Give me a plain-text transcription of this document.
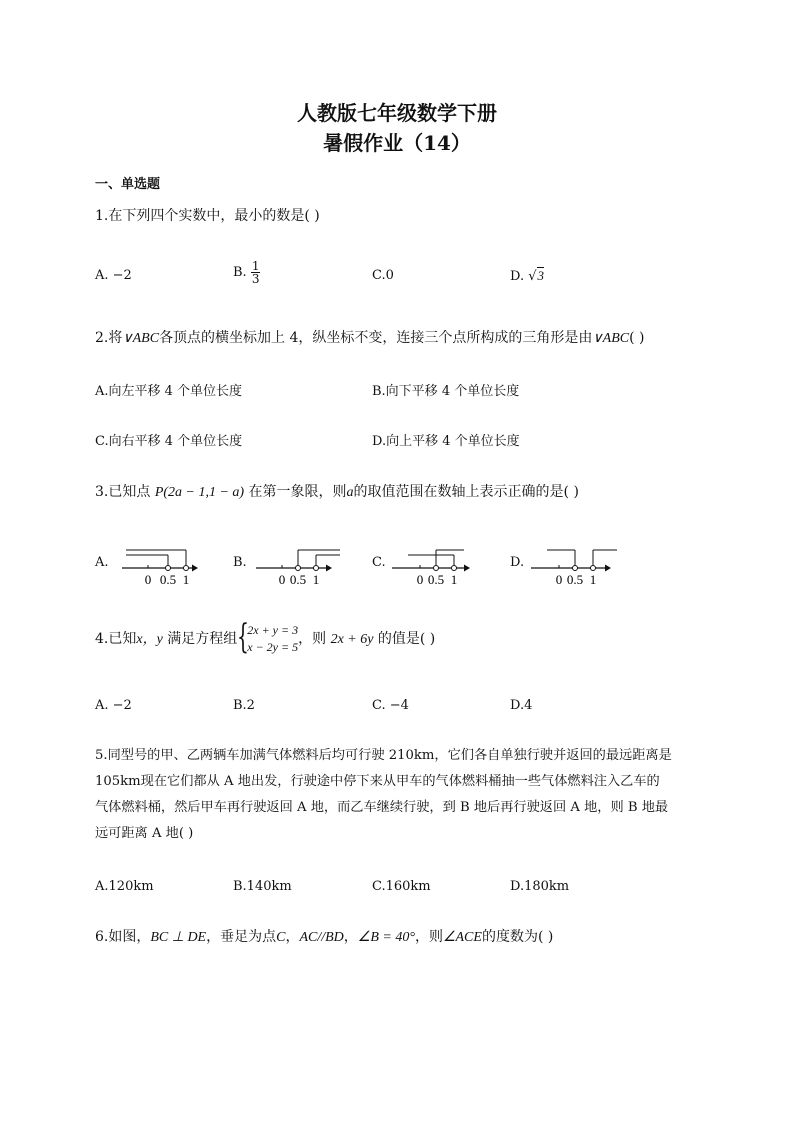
人教版七年级数学下册
暑假作业（14）
一、单选题
1.在下列四个实数中，最小的数是( )
A. −2	B. $\frac{1}{3}$	C.0	D. √3
2.将∨ABC各顶点的横坐标加上 4，纵坐标不变，连接三个点所构成的三角形是由∨ABC( )
A.向左平移 4 个单位长度	B.向下平移 4 个单位长度
C.向右平移 4 个单位长度	D.向上平移 4 个单位长度
3.已知点 P(2a − 1,1 − a) 在第一象限，则a的取值范围在数轴上表示正确的是( )
A.	B.	C.	D.
0 0.5 1	0 0.5 1	0 0.5 1	0 0.5 1
4.已知x，y 满足方程组 {
2x + y = 3
x − 2y = 5 ，则 2x + 6y 的值是( )
A. −2	B.2	C. −4	D.4
5.同型号的甲、乙两辆车加满气体燃料后均可行驶 210km，它们各自单独行驶并返回的最远距离是
105km现在它们都从 A 地出发，行驶途中停下来从甲车的气体燃料桶抽一些气体燃料注入乙车的
气体燃料桶，然后甲车再行驶返回 A 地，而乙车继续行驶，到 B 地后再行驶返回 A 地，则 B 地最
远可距离 A 地( )
A.120km	B.140km	C.160km	D.180km
6.如图，BC ⊥ DE，垂足为点C，AC//BD，∠B = 40°，则∠ACE的度数为( )
